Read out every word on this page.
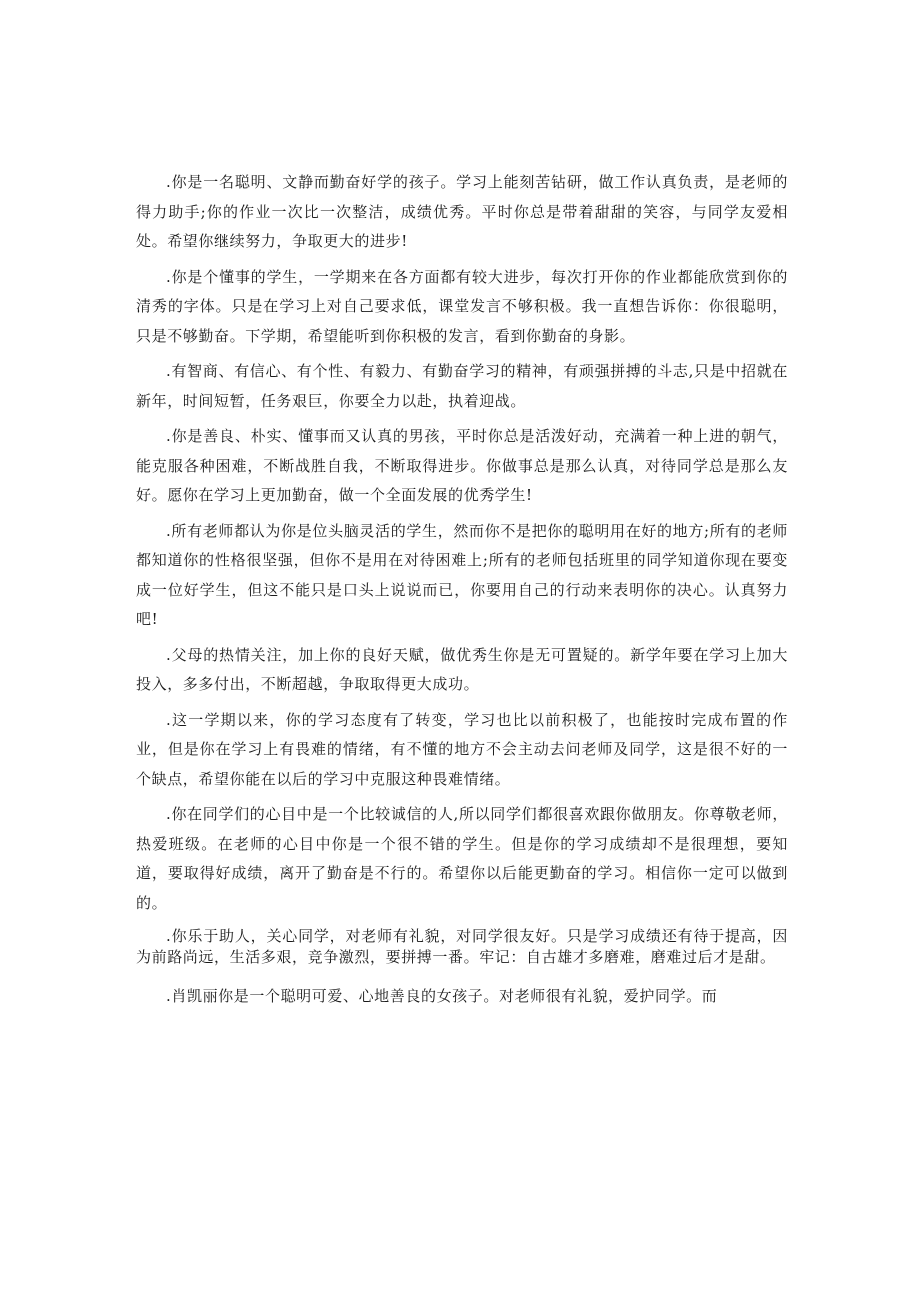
.你是一名聪明、文静而勤奋好学的孩子。学习上能刻苦钻研，做工作认真负责，是老师的得力助手;你的作业一次比一次整洁，成绩优秀。平时你总是带着甜甜的笑容，与同学友爱相处。希望你继续努力，争取更大的进步!

.你是个懂事的学生，一学期来在各方面都有较大进步，每次打开你的作业都能欣赏到你的清秀的字体。只是在学习上对自己要求低，课堂发言不够积极。我一直想告诉你：你很聪明，只是不够勤奋。下学期，希望能听到你积极的发言，看到你勤奋的身影。

.有智商、有信心、有个性、有毅力、有勤奋学习的精神，有顽强拼搏的斗志,只是中招就在新年，时间短暂，任务艰巨，你要全力以赴，执着迎战。

.你是善良、朴实、懂事而又认真的男孩，平时你总是活泼好动，充满着一种上进的朝气，能克服各种困难，不断战胜自我，不断取得进步。你做事总是那么认真，对待同学总是那么友好。愿你在学习上更加勤奋，做一个全面发展的优秀学生!

.所有老师都认为你是位头脑灵活的学生，然而你不是把你的聪明用在好的地方;所有的老师都知道你的性格很坚强，但你不是用在对待困难上;所有的老师包括班里的同学知道你现在要变成一位好学生，但这不能只是口头上说说而已，你要用自己的行动来表明你的决心。认真努力吧!

.父母的热情关注，加上你的良好天赋，做优秀生你是无可置疑的。新学年要在学习上加大投入，多多付出，不断超越，争取取得更大成功。

.这一学期以来，你的学习态度有了转变，学习也比以前积极了，也能按时完成布置的作业，但是你在学习上有畏难的情绪，有不懂的地方不会主动去问老师及同学，这是很不好的一个缺点，希望你能在以后的学习中克服这种畏难情绪。

.你在同学们的心目中是一个比较诚信的人,所以同学们都很喜欢跟你做朋友。你尊敬老师，热爱班级。在老师的心目中你是一个很不错的学生。但是你的学习成绩却不是很理想，要知道，要取得好成绩，离开了勤奋是不行的。希望你以后能更勤奋的学习。相信你一定可以做到的。

.你乐于助人，关心同学，对老师有礼貌，对同学很友好。只是学习成绩还有待于提高，因为前路尚远，生活多艰，竞争激烈，要拼搏一番。牢记：自古雄才多磨难，磨难过后才是甜。

.肖凯丽你是一个聪明可爱、心地善良的女孩子。对老师很有礼貌，爱护同学。而
